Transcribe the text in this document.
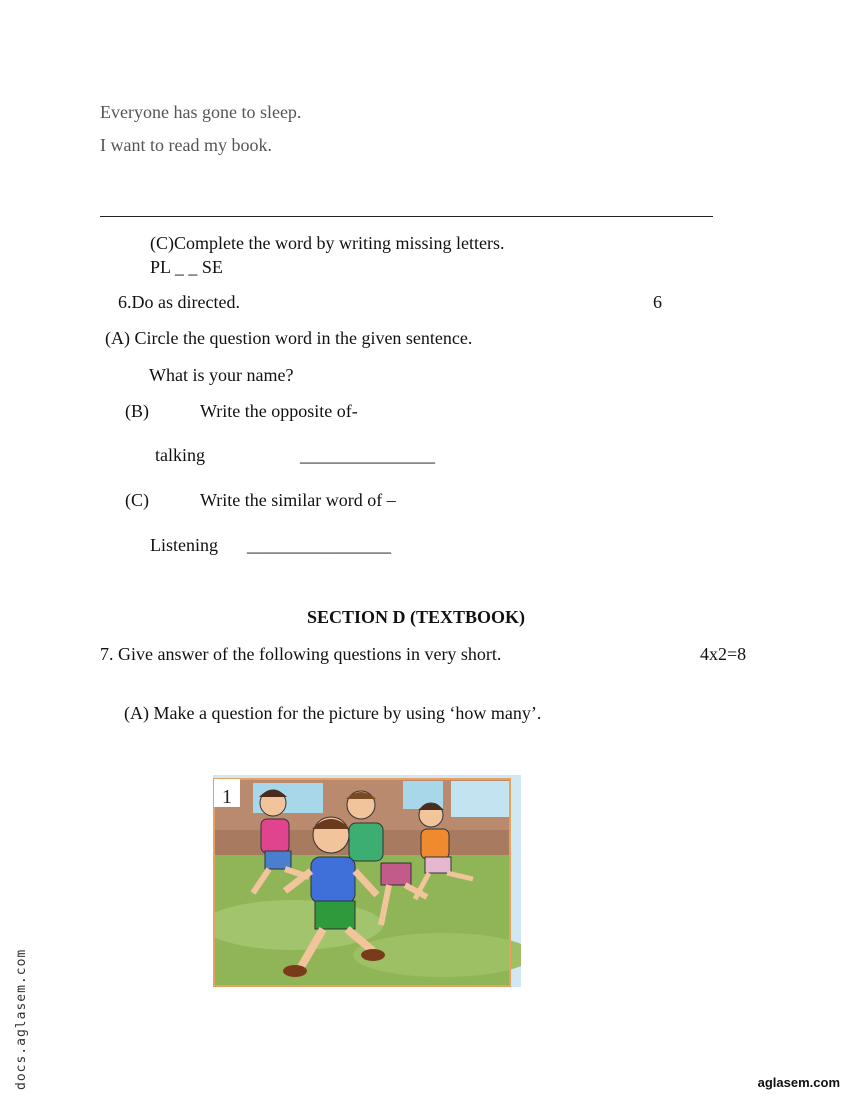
Everyone has gone to sleep.
I want to read my book.
(C)Complete the word by writing missing letters.
PL _ _ SE
6.Do as directed.	6
(A) Circle the question word in the given sentence.
What is your name?
(B)	Write the opposite of-
talking	_______________
(C)	Write the similar word of –
Listening ________________
SECTION D (TEXTBOOK)
7. Give answer of the following questions in very short.	4x2=8
(A) Make a question for the picture by using ‘how many’.
1
docs.aglasem.com	aglasem.com
